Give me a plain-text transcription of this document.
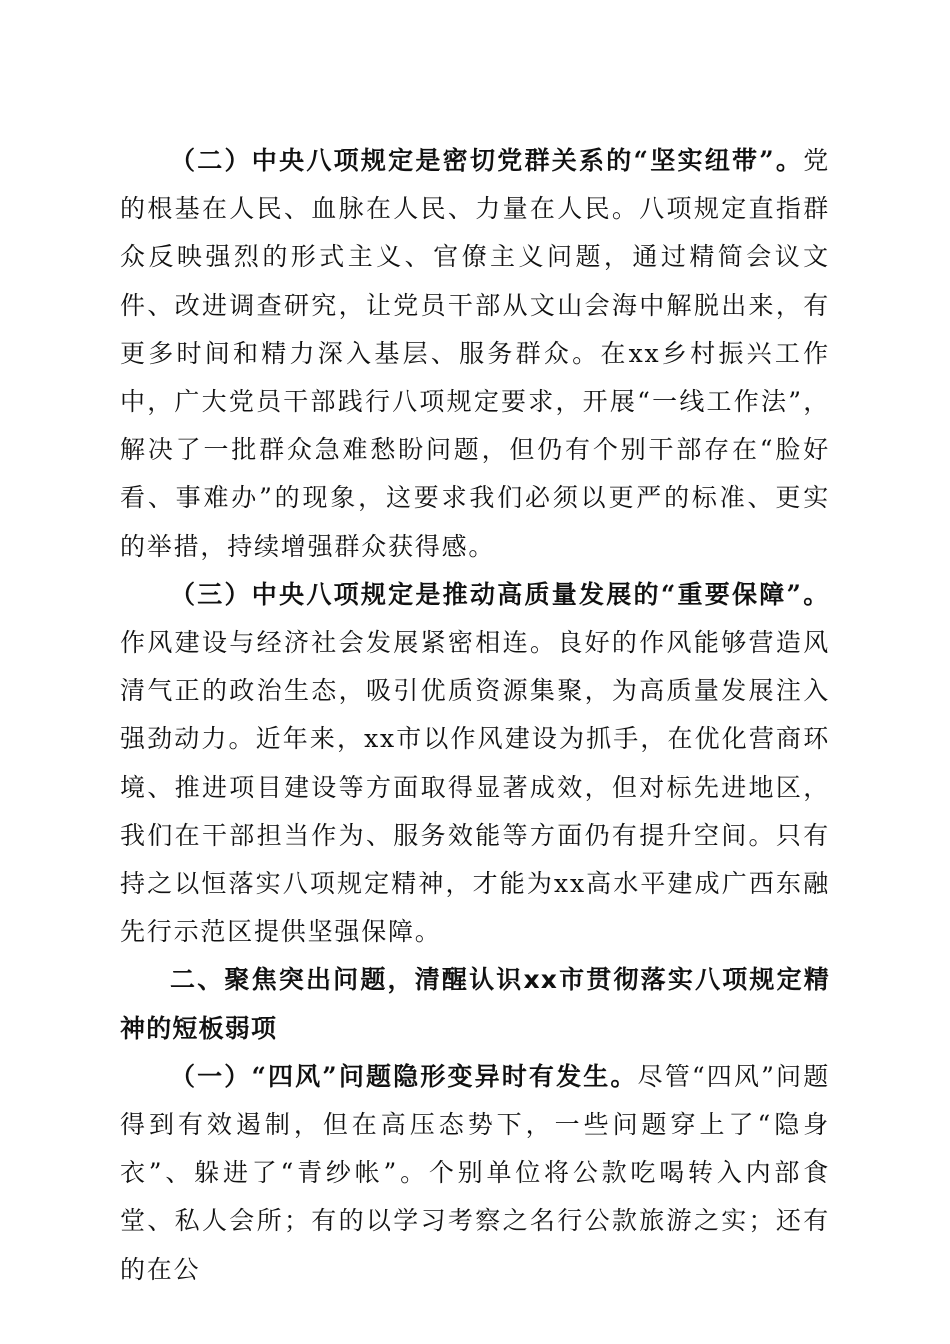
（二）中央八项规定是密切党群关系的“坚实纽带”。党的根基在人民、血脉在人民、力量在人民。八项规定直指群众反映强烈的形式主义、官僚主义问题，通过精简会议文件、改进调查研究，让党员干部从文山会海中解脱出来，有更多时间和精力深入基层、服务群众。在xx乡村振兴工作中，广大党员干部践行八项规定要求，开展“一线工作法”，解决了一批群众急难愁盼问题，但仍有个别干部存在“脸好看、事难办”的现象，这要求我们必须以更严的标准、更实的举措，持续增强群众获得感。

（三）中央八项规定是推动高质量发展的“重要保障”。作风建设与经济社会发展紧密相连。良好的作风能够营造风清气正的政治生态，吸引优质资源集聚，为高质量发展注入强劲动力。近年来，xx市以作风建设为抓手，在优化营商环境、推进项目建设等方面取得显著成效，但对标先进地区，我们在干部担当作为、服务效能等方面仍有提升空间。只有持之以恒落实八项规定精神，才能为xx高水平建成广西东融先行示范区提供坚强保障。

二、聚焦突出问题，清醒认识xx市贯彻落实八项规定精神的短板弱项

（一）“四风”问题隐形变异时有发生。尽管“四风”问题得到有效遏制，但在高压态势下，一些问题穿上了“隐身衣”、躲进了“青纱帐”。个别单位将公款吃喝转入内部食堂、私人会所；有的以学习考察之名行公款旅游之实；还有的在公
